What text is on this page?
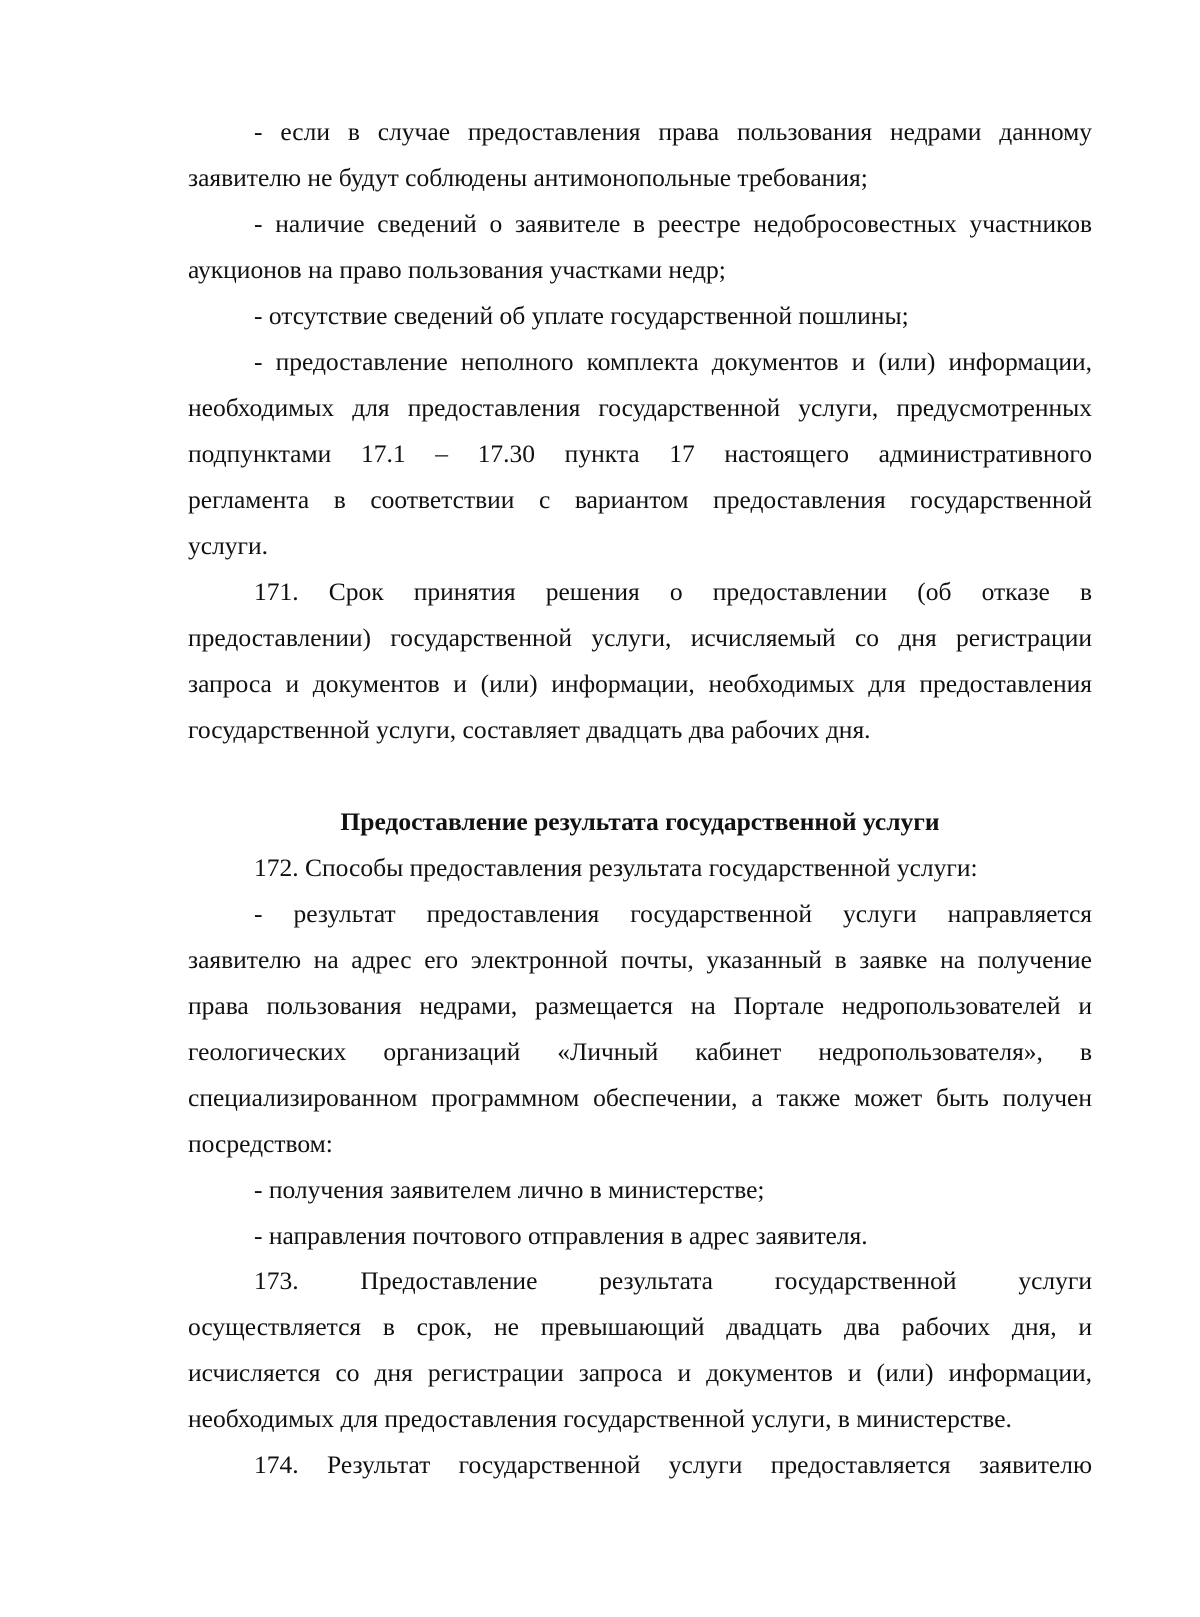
- если в случае предоставления права пользования недрами данному
заявителю не будут соблюдены антимонопольные требования;
- наличие сведений о заявителе в реестре недобросовестных участников
аукционов на право пользования участками недр;
- отсутствие сведений об уплате государственной пошлины;
- предоставление неполного комплекта документов и (или) информации,
необходимых для предоставления государственной услуги, предусмотренных
подпунктами 17.1 – 17.30 пункта 17 настоящего административного
регламента в соответствии с вариантом предоставления государственной
услуги.
171. Срок принятия решения о предоставлении (об отказе в
предоставлении) государственной услуги, исчисляемый со дня регистрации
запроса и документов и (или) информации, необходимых для предоставления
государственной услуги, составляет двадцать два рабочих дня.
Предоставление результата государственной услуги
172. Способы предоставления результата государственной услуги:
- результат предоставления государственной услуги направляется
заявителю на адрес его электронной почты, указанный в заявке на получение
права пользования недрами, размещается на Портале недропользователей и
геологических организаций «Личный кабинет недропользователя», в
специализированном программном обеспечении, а также может быть получен
посредством:
- получения заявителем лично в министерстве;
- направления почтового отправления в адрес заявителя.
173. Предоставление результата государственной услуги
осуществляется в срок, не превышающий двадцать два рабочих дня, и
исчисляется со дня регистрации запроса и документов и (или) информации,
необходимых для предоставления государственной услуги, в министерстве.
174. Результат государственной услуги предоставляется заявителю
